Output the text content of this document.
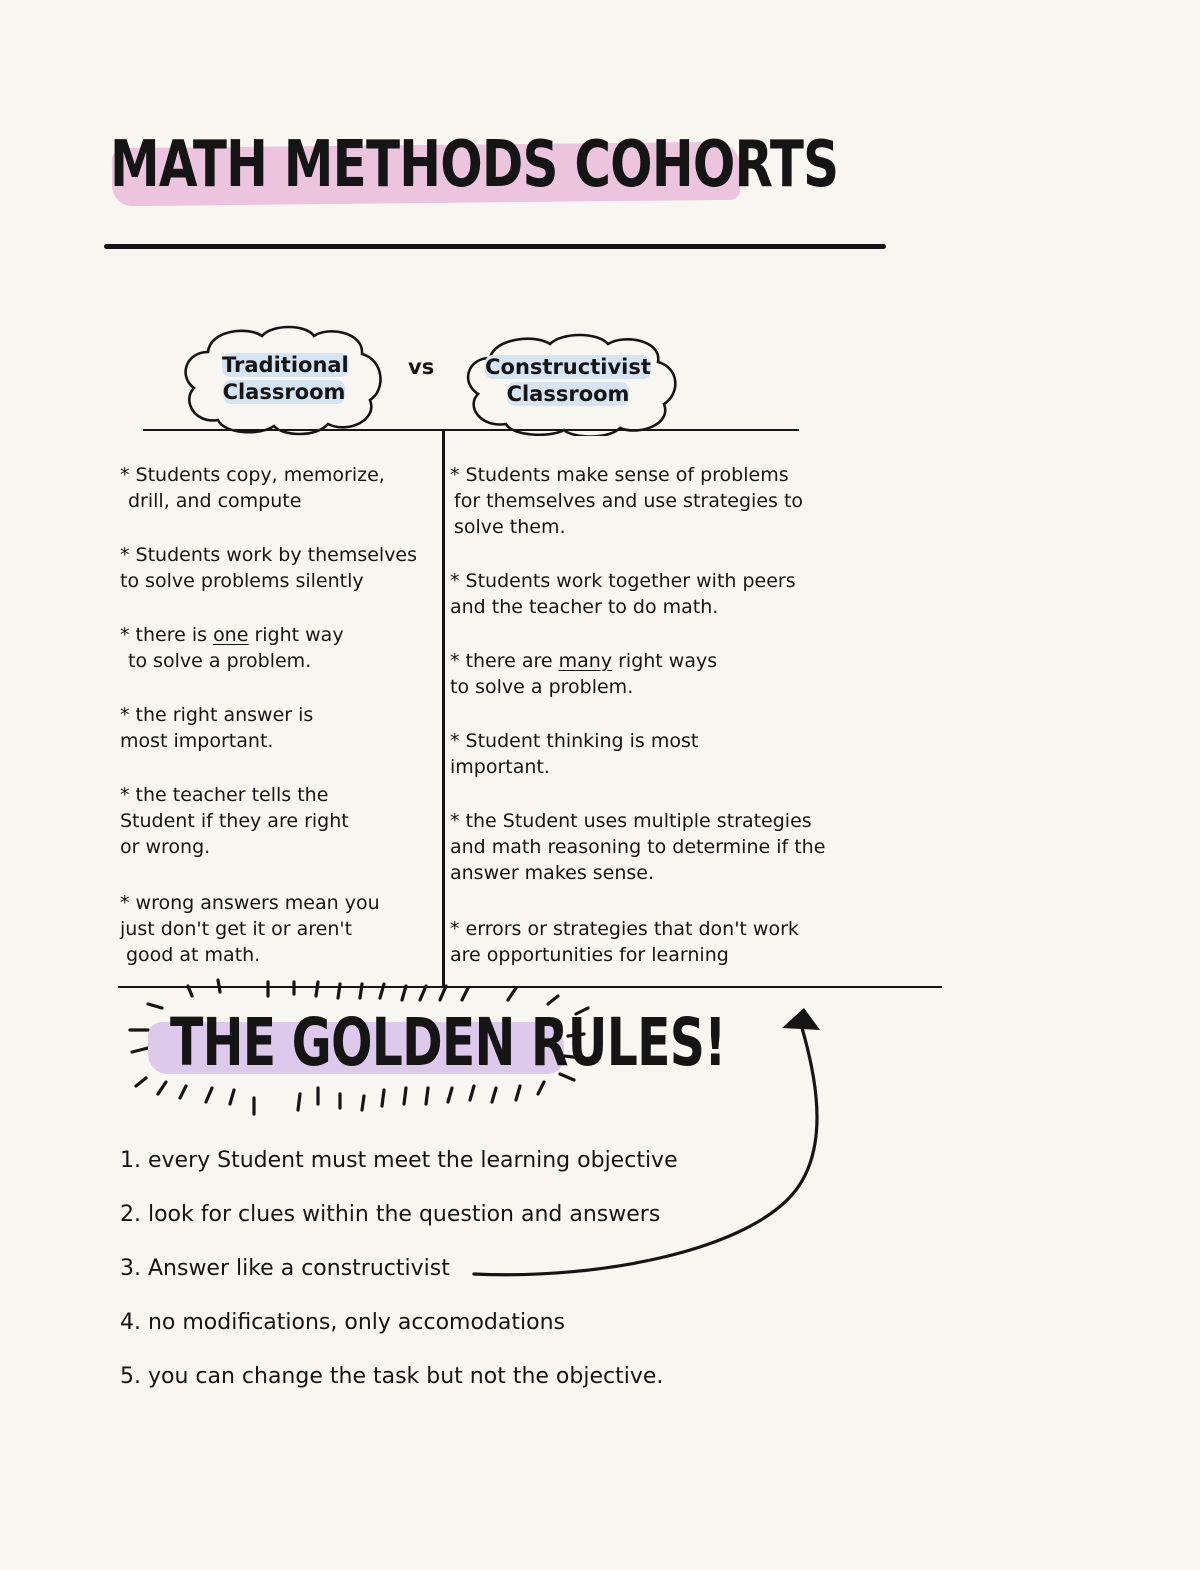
MATH METHODS COHORTS
Traditional
Classroom
vs Constructivist
Classroom
* Students copy, memorize,
drill, and compute
* Students work by themselves
to solve problems silently
* there is one right way
to solve a problem.
* the right answer is
most important.
* the teacher tells the
Student if they are right
or wrong.
* wrong answers mean you
just don't get it or aren't
good at math.
* Students make sense of problems
for themselves and use strategies to
solve them.
* Students work together with peers
and the teacher to do math.
* there are many right ways
to solve a problem.
* Student thinking is most
important.
* the Student uses multiple strategies
and math reasoning to determine if the
answer makes sense.
* errors or strategies that don't work
are opportunities for learning
THE GOLDEN RULES!
1. every Student must meet the learning objective
2. look for clues within the question and answers
3. Answer like a constructivist
4. no modifications, only accomodations
5. you can change the task but not the objective.
